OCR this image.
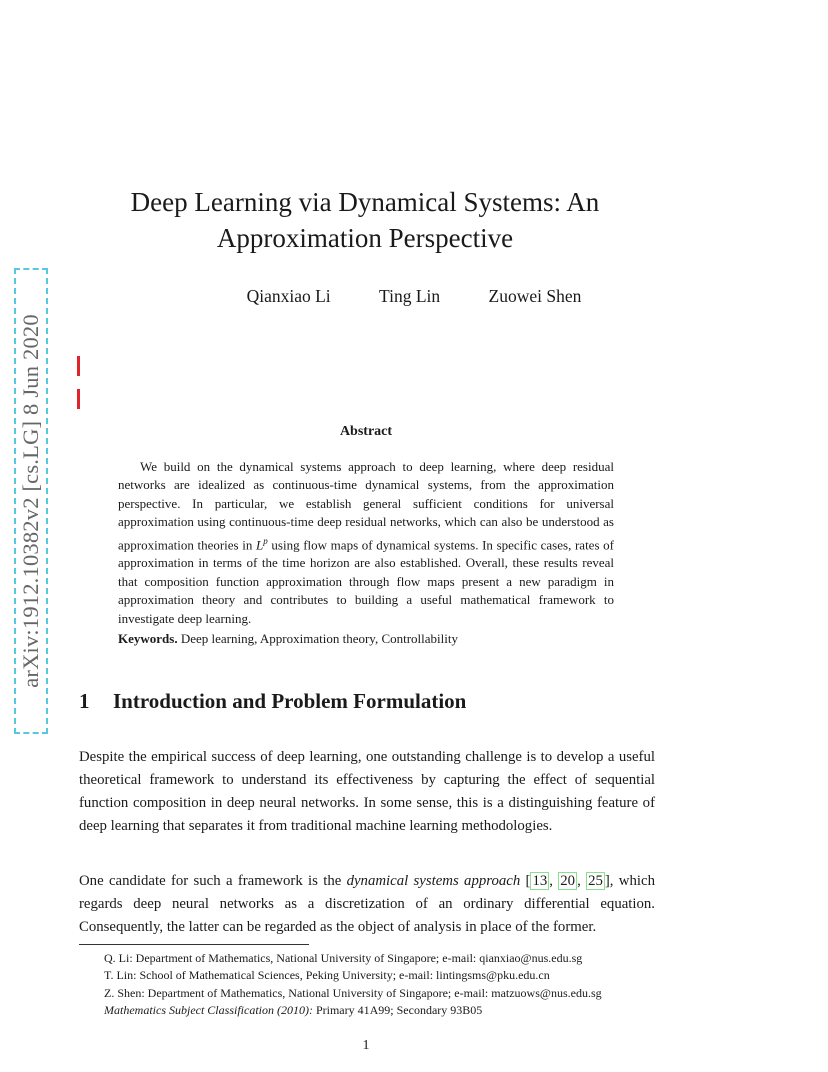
arXiv:1912.10382v2 [cs.LG] 8 Jun 2020
Deep Learning via Dynamical Systems: An
Approximation Perspective
Qianxiao Li	Ting Lin	Zuowei Shen
Abstract

We build on the dynamical systems approach to deep learning, where deep residual networks are idealized as continuous-time dynamical systems, from the approximation perspective. In particular, we establish general sufficient conditions for universal approximation using continuous-time deep residual networks, which can also be understood as approximation theories in $L^p$ using flow maps of dynamical systems. In specific cases, rates of approximation in terms of the time horizon are also established. Overall, these results reveal that composition function approximation through flow maps present a new paradigm in approximation theory and contributes to building a useful mathematical framework to investigate deep learning.

Keywords. Deep learning, Approximation theory, Controllability
1 Introduction and Problem Formulation

Despite the empirical success of deep learning, one outstanding challenge is to develop a useful theoretical framework to understand its effectiveness by capturing the effect of sequential function composition in deep neural networks. In some sense, this is a distinguishing feature of deep learning that separates it from traditional machine learning methodologies.

One candidate for such a framework is the dynamical systems approach [ 13 , 20 , 25 ], which regards deep neural networks as a discretization of an ordinary differential equation. Consequently, the latter can be regarded as the object of analysis in place of the former.

Q. Li: Department of Mathematics, National University of Singapore; e-mail: qianxiao@nus.edu.sg
T. Lin: School of Mathematical Sciences, Peking University; e-mail: lintingsms@pku.edu.cn
Z. Shen: Department of Mathematics, National University of Singapore; e-mail: matzuows@nus.edu.sg
Mathematics Subject Classification (2010): Primary 41A99; Secondary 93B05
1
